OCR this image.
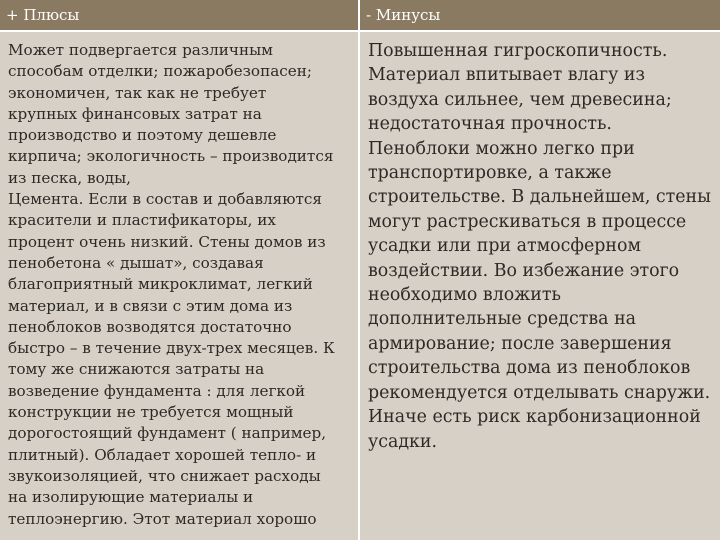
+ Плюсы	- Минусы
Может подвергается различным
способам отделки; пожаробезопасен;
экономичен, так как не требует
крупных финансовых затрат на
производство и поэтому дешевле
кирпича; экологичность – производится
из песка, воды,
Цемента. Если в состав и добавляются
красители и пластификаторы, их
процент очень низкий. Стены домов из
пенобетона « дышат», создавая
благоприятный микроклимат, легкий
материал, и в связи с этим дома из
пеноблоков возводятся достаточно
быстро – в течение двух-трех месяцев. К
тому же снижаются затраты на
возведение фундамента : для легкой
конструкции не требуется мощный
дорогостоящий фундамент ( например,
плитный). Обладает хорошей тепло- и
звукоизоляцией, что снижает расходы
на изолирующие материалы и
теплоэнергию. Этот материал хорошо
Повышенная гигроскопичность.
Материал впитывает влагу из
воздуха сильнее, чем древесина;
недостаточная прочность.
Пеноблоки можно легко при
транспортировке, а также
строительстве. В дальнейшем, стены
могут растрескиваться в процессе
усадки или при атмосферном
воздействии. Во избежание этого
необходимо вложить
дополнительные средства на
армирование; после завершения
строительства дома из пеноблоков
рекомендуется отделывать снаружи.
Иначе есть риск карбонизационной
усадки.
